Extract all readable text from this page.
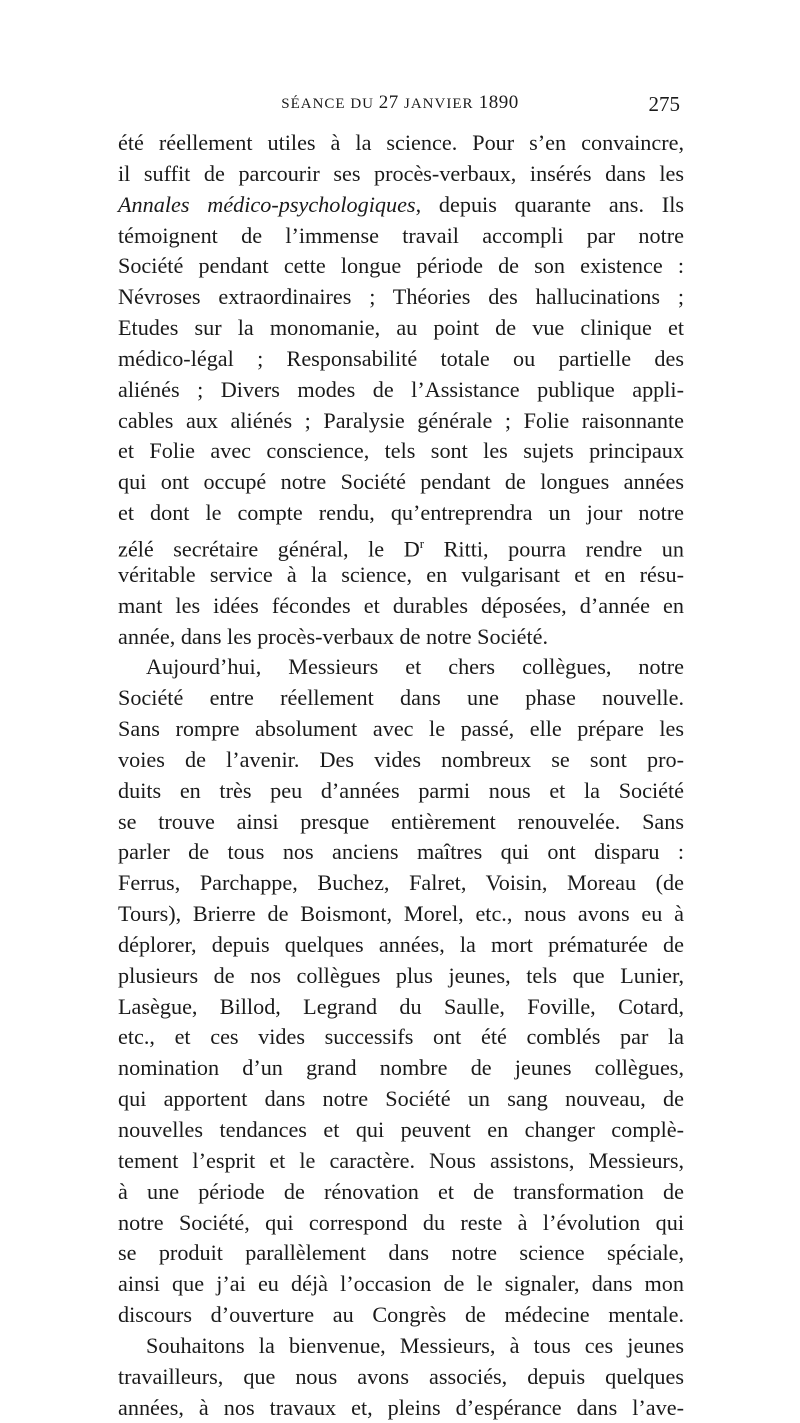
SÉANCE DU 27 JANVIER 1890	275
été réellement utiles à la science. Pour s’en convaincre,
il suffit de parcourir ses procès-verbaux, insérés dans les
Annales médico-psychologiques, depuis quarante ans. Ils
témoignent de l’immense travail accompli par notre
Société pendant cette longue période de son existence :
Névroses extraordinaires ; Théories des hallucinations ;
Etudes sur la monomanie, au point de vue clinique et
médico-légal ; Responsabilité totale ou partielle des
aliénés ; Divers modes de l’Assistance publique appli-
cables aux aliénés ; Paralysie générale ; Folie raisonnante
et Folie avec conscience, tels sont les sujets principaux
qui ont occupé notre Société pendant de longues années
et dont le compte rendu, qu’entreprendra un jour notre
zélé secrétaire général, le $D^r$ Ritti, pourra rendre un
véritable service à la science, en vulgarisant et en résu-
mant les idées fécondes et durables déposées, d’année en
année, dans les procès-verbaux de notre Société.
Aujourd’hui, Messieurs et chers collègues, notre
Société entre réellement dans une phase nouvelle.
Sans rompre absolument avec le passé, elle prépare les
voies de l’avenir. Des vides nombreux se sont pro-
duits en très peu d’années parmi nous et la Société
se trouve ainsi presque entièrement renouvelée. Sans
parler de tous nos anciens maîtres qui ont disparu :
Ferrus, Parchappe, Buchez, Falret, Voisin, Moreau (de
Tours), Brierre de Boismont, Morel, etc., nous avons eu à
déplorer, depuis quelques années, la mort prématurée de
plusieurs de nos collègues plus jeunes, tels que Lunier,
Lasègue, Billod, Legrand du Saulle, Foville, Cotard,
etc., et ces vides successifs ont été comblés par la
nomination d’un grand nombre de jeunes collègues,
qui apportent dans notre Société un sang nouveau, de
nouvelles tendances et qui peuvent en changer complè-
tement l’esprit et le caractère. Nous assistons, Messieurs,
à une période de rénovation et de transformation de
notre Société, qui correspond du reste à l’évolution qui
se produit parallèlement dans notre science spéciale,
ainsi que j’ai eu déjà l’occasion de le signaler, dans mon
discours d’ouverture au Congrès de médecine mentale.
Souhaitons la bienvenue, Messieurs, à tous ces jeunes
travailleurs, que nous avons associés, depuis quelques
années, à nos travaux et, pleins d’espérance dans l’ave-
